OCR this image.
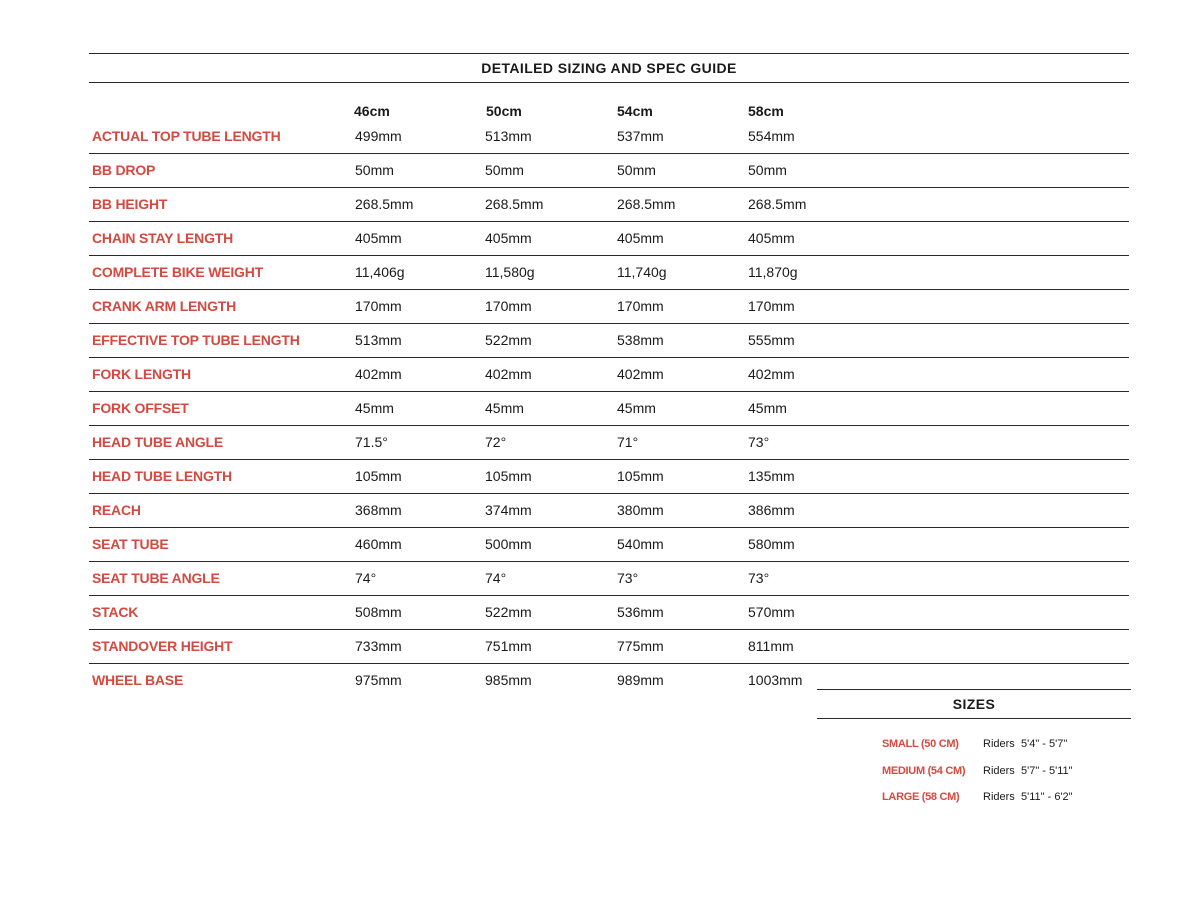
DETAILED SIZING AND SPEC GUIDE
46cm	50cm	54cm	58cm
ACTUAL TOP TUBE LENGTH	499mm	513mm	537mm	554mm
BB DROP	50mm	50mm	50mm	50mm
BB HEIGHT	268.5mm	268.5mm	268.5mm	268.5mm
CHAIN STAY LENGTH	405mm	405mm	405mm	405mm
COMPLETE BIKE WEIGHT	11,406g	11,580g	11,740g	11,870g
CRANK ARM LENGTH	170mm	170mm	170mm	170mm
EFFECTIVE TOP TUBE LENGTH	513mm	522mm	538mm	555mm
FORK LENGTH	402mm	402mm	402mm	402mm
FORK OFFSET	45mm	45mm	45mm	45mm
HEAD TUBE ANGLE	71.5°	72°	71°	73°
HEAD TUBE LENGTH	105mm	105mm	105mm	135mm
REACH	368mm	374mm	380mm	386mm
SEAT TUBE	460mm	500mm	540mm	580mm
SEAT TUBE ANGLE	74°	74°	73°	73°
STACK	508mm	522mm	536mm	570mm
STANDOVER HEIGHT	733mm	751mm	775mm	811mm
WHEEL BASE	975mm	985mm	989mm	1003mm
SIZES
SMALL (50 CM) Riders 5'4" - 5'7"
MEDIUM (54 CM) Riders 5'7" - 5'11"
LARGE (58 CM) Riders 5'11" - 6'2"
